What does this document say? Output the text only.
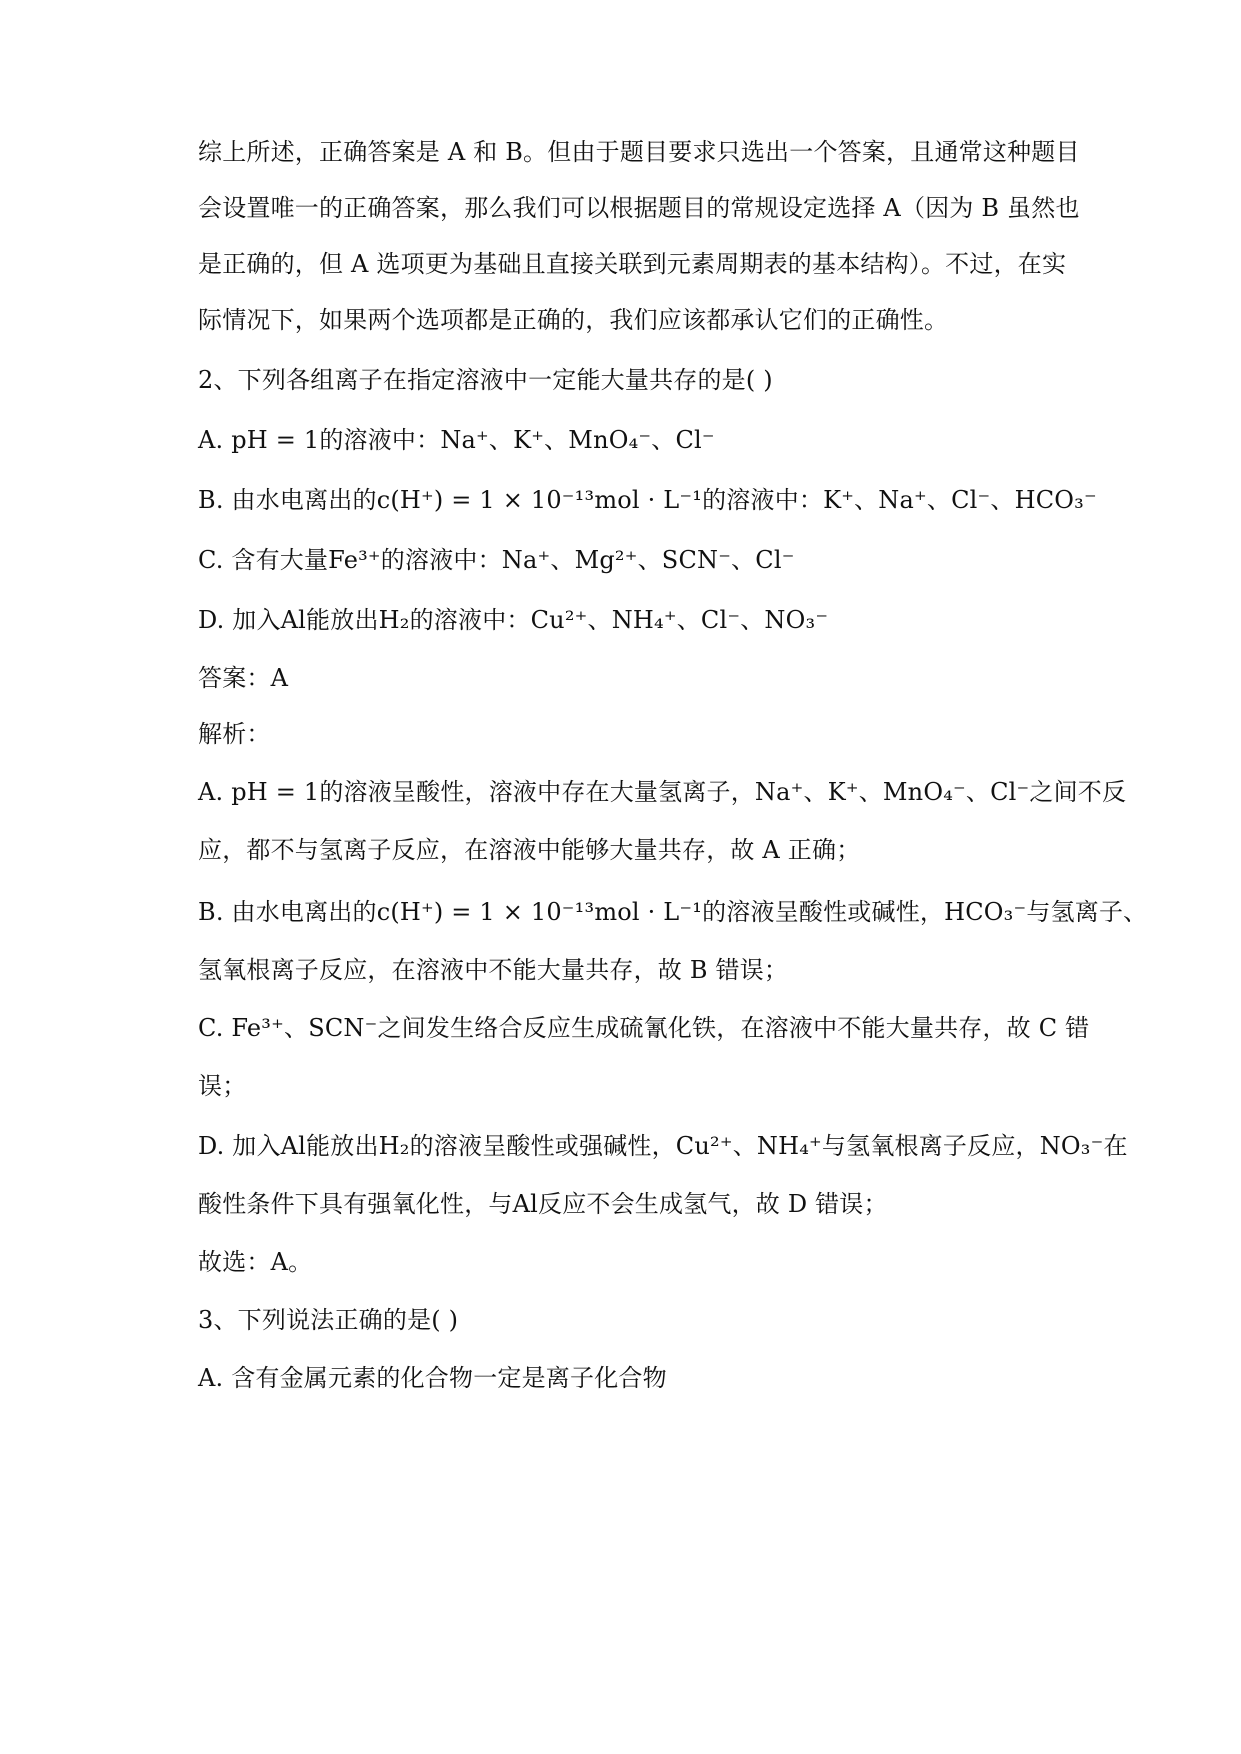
综上所述，正确答案是 A 和 B。但由于题目要求只选出一个答案，且通常这种题目
会设置唯一的正确答案，那么我们可以根据题目的常规设定选择 A（因为 B 虽然也
是正确的，但 A 选项更为基础且直接关联到元素周期表的基本结构）。不过，在实
际情况下，如果两个选项都是正确的，我们应该都承认它们的正确性。
2、下列各组离子在指定溶液中一定能大量共存的是( )
A. pH = 1的溶液中：Na⁺、K⁺、MnO₄⁻、Cl⁻
B. 由水电离出的c(H⁺) = 1 × 10⁻¹³mol · L⁻¹的溶液中：K⁺、Na⁺、Cl⁻、HCO₃⁻
C. 含有大量Fe³⁺的溶液中：Na⁺、Mg²⁺、SCN⁻、Cl⁻
D. 加入Al能放出H₂的溶液中：Cu²⁺、NH₄⁺、Cl⁻、NO₃⁻
答案：A
解析：
A. pH = 1的溶液呈酸性，溶液中存在大量氢离子，Na⁺、K⁺、MnO₄⁻、Cl⁻之间不反
应，都不与氢离子反应，在溶液中能够大量共存，故 A 正确；
B. 由水电离出的c(H⁺) = 1 × 10⁻¹³mol · L⁻¹的溶液呈酸性或碱性，HCO₃⁻与氢离子、
氢氧根离子反应，在溶液中不能大量共存，故 B 错误；
C. Fe³⁺、SCN⁻之间发生络合反应生成硫氰化铁，在溶液中不能大量共存，故 C 错
误；
D. 加入Al能放出H₂的溶液呈酸性或强碱性，Cu²⁺、NH₄⁺与氢氧根离子反应，NO₃⁻在
酸性条件下具有强氧化性，与Al反应不会生成氢气，故 D 错误；
故选：A。
3、下列说法正确的是( )
A. 含有金属元素的化合物一定是离子化合物
